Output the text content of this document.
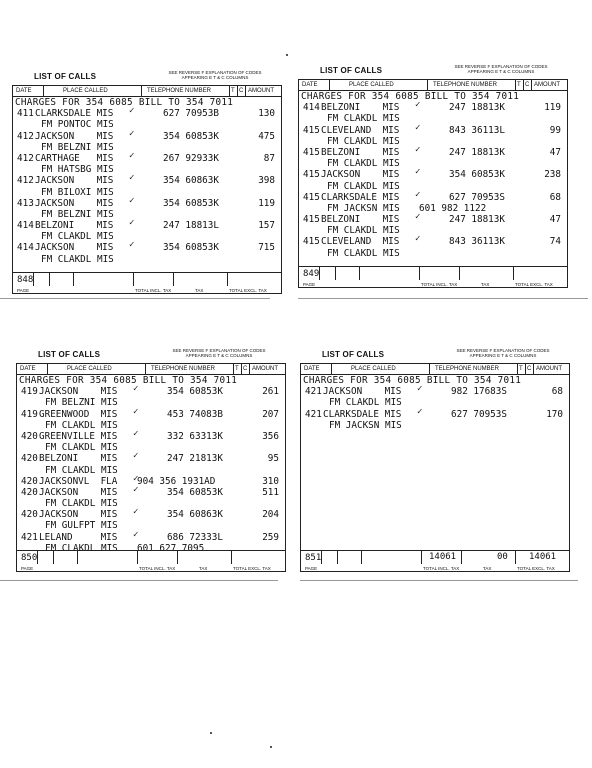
LIST OF CALLS	SEE REVERSE F EXPLANATION OF CODES
APPEARING E T & C COLUMNS
DATE	PLACE CALLED	TELEPHONE NUMBER	T C AMOUNT
CHARGES FOR 354 6085 BILL TO 354 7011
411 CLARKSDALE MIS ✓	627 70953B	130
FM PONTOC MIS
412 JACKSON    MIS ✓	354 60853K	475
FM BELZNI MIS
412 CARTHAGE   MIS ✓	267 92933K	87
FM HATSBG MIS
412 JACKSON    MIS ✓	354 60863K	398
FM BILOXI MIS
413 JACKSON    MIS ✓	354 60853K	119
FM BELZNI MIS
414 BELZONI    MIS ✓	247 18813L	157
FM CLAKDL MIS
414 JACKSON    MIS ✓	354 60853K	715
FM CLAKDL MIS
848
PAGE	TOTAL INCL. TAX	TAX	TOTAL EXCL. TAX
LIST OF CALLS	SEE REVERSE F EXPLANATION OF CODES
APPEARING E T & C COLUMNS
DATE	PLACE CALLED	TELEPHONE NUMBER	T C AMOUNT
CHARGES FOR 354 6085 BILL TO 354 7011
414 BELZONI    MIS ✓	247 18813K	119
FM CLAKDL MIS
415 CLEVELAND  MIS ✓	843 36113L	99
FM CLAKDL MIS
415 BELZONI    MIS ✓	247 18813K	47
FM CLAKDL MIS
415 JACKSON    MIS ✓	354 60853K	238
FM CLAKDL MIS
415 CLARKSDALE MIS ✓	627 70953S	68
FM JACKSN MIS 601 982 1122
415 BELZONI    MIS ✓	247 18813K	47
FM CLAKDL MIS
415 CLEVELAND  MIS ✓	843 36113K	74
FM CLAKDL MIS
849
PAGE	TOTAL INCL. TAX	TAX	TOTAL EXCL. TAX
LIST OF CALLS	SEE REVERSE F EXPLANATION OF CODES
APPEARING E T & C COLUMNS
DATE	PLACE CALLED	TELEPHONE NUMBER	T C AMOUNT
CHARGES FOR 354 6085 BILL TO 354 7011
419 JACKSON    MIS ✓	354 60853K	261
FM BELZNI MIS
419 GREENWOOD  MIS ✓	453 74083B	207
FM CLAKDL MIS
420 GREENVILLE MIS ✓	332 63313K	356
FM CLAKDL MIS
420 BELZONI    MIS ✓	247 21813K	95
FM CLAKDL MIS
420 JACKSONVL  FLA ✓
904 356 1931AD	310
420 JACKSON    MIS ✓	354 60853K	511
FM CLAKDL MIS
420 JACKSON    MIS ✓	354 60863K	204
FM GULFPT MIS
421 LELAND     MIS ✓	686 72333L	259
FM CLAKDL MIS 601 627 7095
850
PAGE	TOTAL INCL. TAX	TAX	TOTAL EXCL. TAX
LIST OF CALLS	SEE REVERSE F EXPLANATION OF CODES
APPEARING E T & C COLUMNS
DATE	PLACE CALLED	TELEPHONE NUMBER	T C AMOUNT
CHARGES FOR 354 6085 BILL TO 354 7011
421 JACKSON    MIS ✓	982 17683S	68
FM CLAKDL MIS
421 CLARKSDALE MIS ✓	627 70953S	170
FM JACKSN MIS
851
PAGE	TOTAL INCL. TAX	TAX	TOTAL EXCL. TAX
14061	00 14061
